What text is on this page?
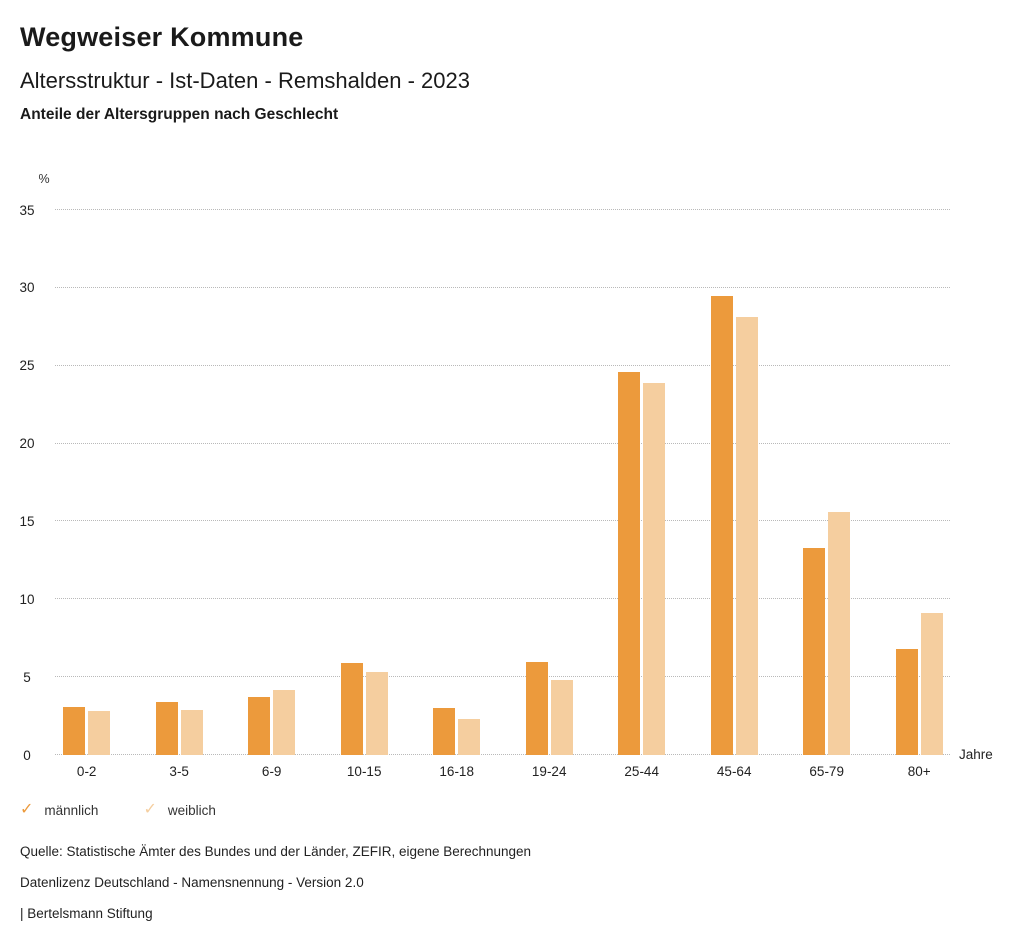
Wegweiser Kommune
Altersstruktur - Ist-Daten - Remshalden - 2023
Anteile der Altersgruppen nach Geschlecht
%
Jahre
0
5
10
15
20
25
30
35
0-2	3-5	6-9	10-15	16-18	19-24	25-44	45-64	65-79	80+
✓ männlich	✓ weiblich
Quelle: Statistische Ämter des Bundes und der Länder, ZEFIR, eigene Berechnungen
Datenlizenz Deutschland - Namensnennung - Version 2.0
| Bertelsmann Stiftung
